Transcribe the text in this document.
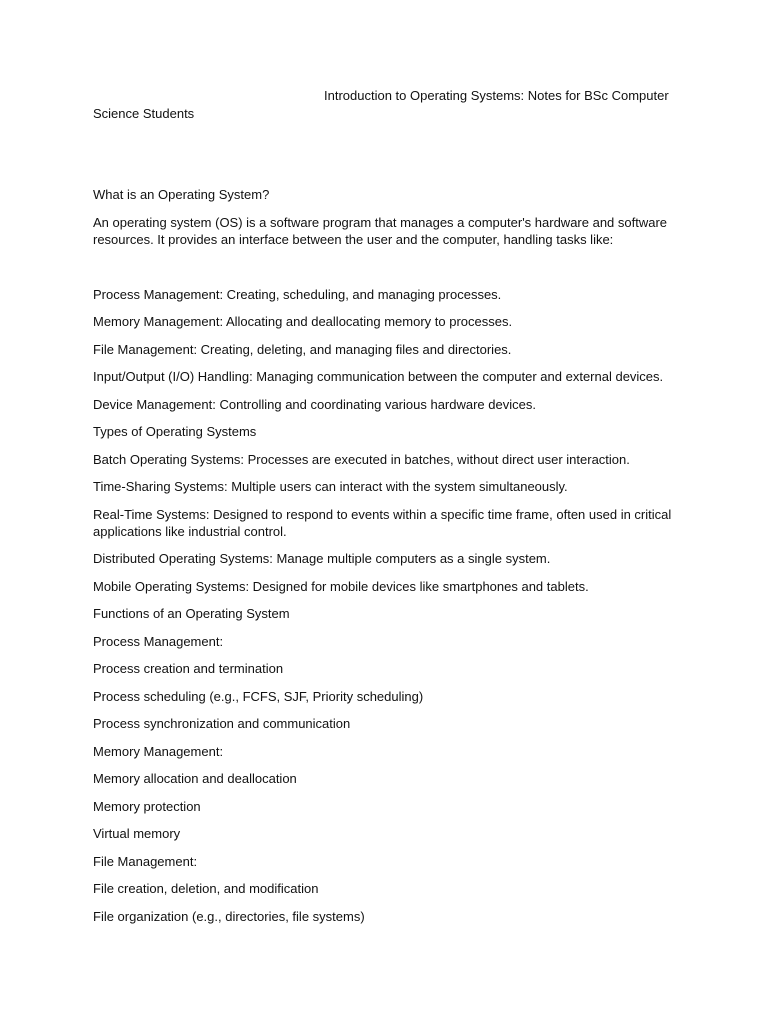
Introduction to Operating Systems: Notes for BSc Computer
Science Students

What is an Operating System?

An operating system (OS) is a software program that manages a computer's hardware and software resources. It provides an interface between the user and the computer, handling tasks like:

Process Management: Creating, scheduling, and managing processes.

Memory Management: Allocating and deallocating memory to processes.

File Management: Creating, deleting, and managing files and directories.

Input/Output (I/O) Handling: Managing communication between the computer and external devices.

Device Management: Controlling and coordinating various hardware devices.

Types of Operating Systems

Batch Operating Systems: Processes are executed in batches, without direct user interaction.

Time-Sharing Systems: Multiple users can interact with the system simultaneously.

Real-Time Systems: Designed to respond to events within a specific time frame, often used in critical applications like industrial control.

Distributed Operating Systems: Manage multiple computers as a single system.

Mobile Operating Systems: Designed for mobile devices like smartphones and tablets.

Functions of an Operating System

Process Management:

Process creation and termination

Process scheduling (e.g., FCFS, SJF, Priority scheduling)

Process synchronization and communication

Memory Management:

Memory allocation and deallocation

Memory protection

Virtual memory

File Management:

File creation, deletion, and modification

File organization (e.g., directories, file systems)
